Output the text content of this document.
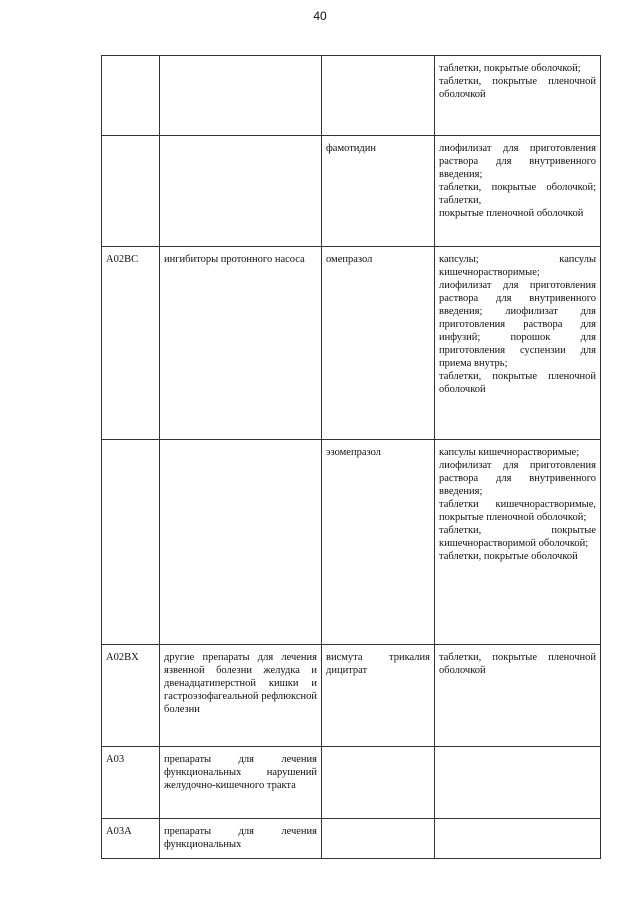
40

			таблетки, покрытые оболочкой;
таблетки, покрытые пленочной оболочкой

		фамотидин	лиофилизат для приготовления раствора для внутривенного введения;
таблетки, покрытые оболочкой; таблетки,
покрытые пленочной оболочкой

A02BC	ингибиторы протонного насоса	омепразол	капсулы; капсулы кишечнорастворимые;
лиофилизат для приготовления раствора для внутривенного введения; лиофилизат для приготовления раствора для инфузий; порошок для приготовления суспензии для приема внутрь;
таблетки, покрытые пленочной оболочкой

		эзомепразол	капсулы кишечнорастворимые;
лиофилизат для приготовления раствора для внутривенного введения;
таблетки кишечнорастворимые, покрытые пленочной оболочкой;
таблетки, покрытые кишечнорастворимой оболочкой;
таблетки, покрытые оболочкой

A02BX	другие препараты для лечения язвенной болезни желудка и двенадцатиперстной кишки и гастроэзофагеальной рефлюксной болезни	висмута трикалия дицитрат	таблетки, покрытые пленочной оболочкой

A03	препараты для лечения функциональных нарушений желудочно-кишечного тракта		

A03A	препараты для лечения функциональных		
